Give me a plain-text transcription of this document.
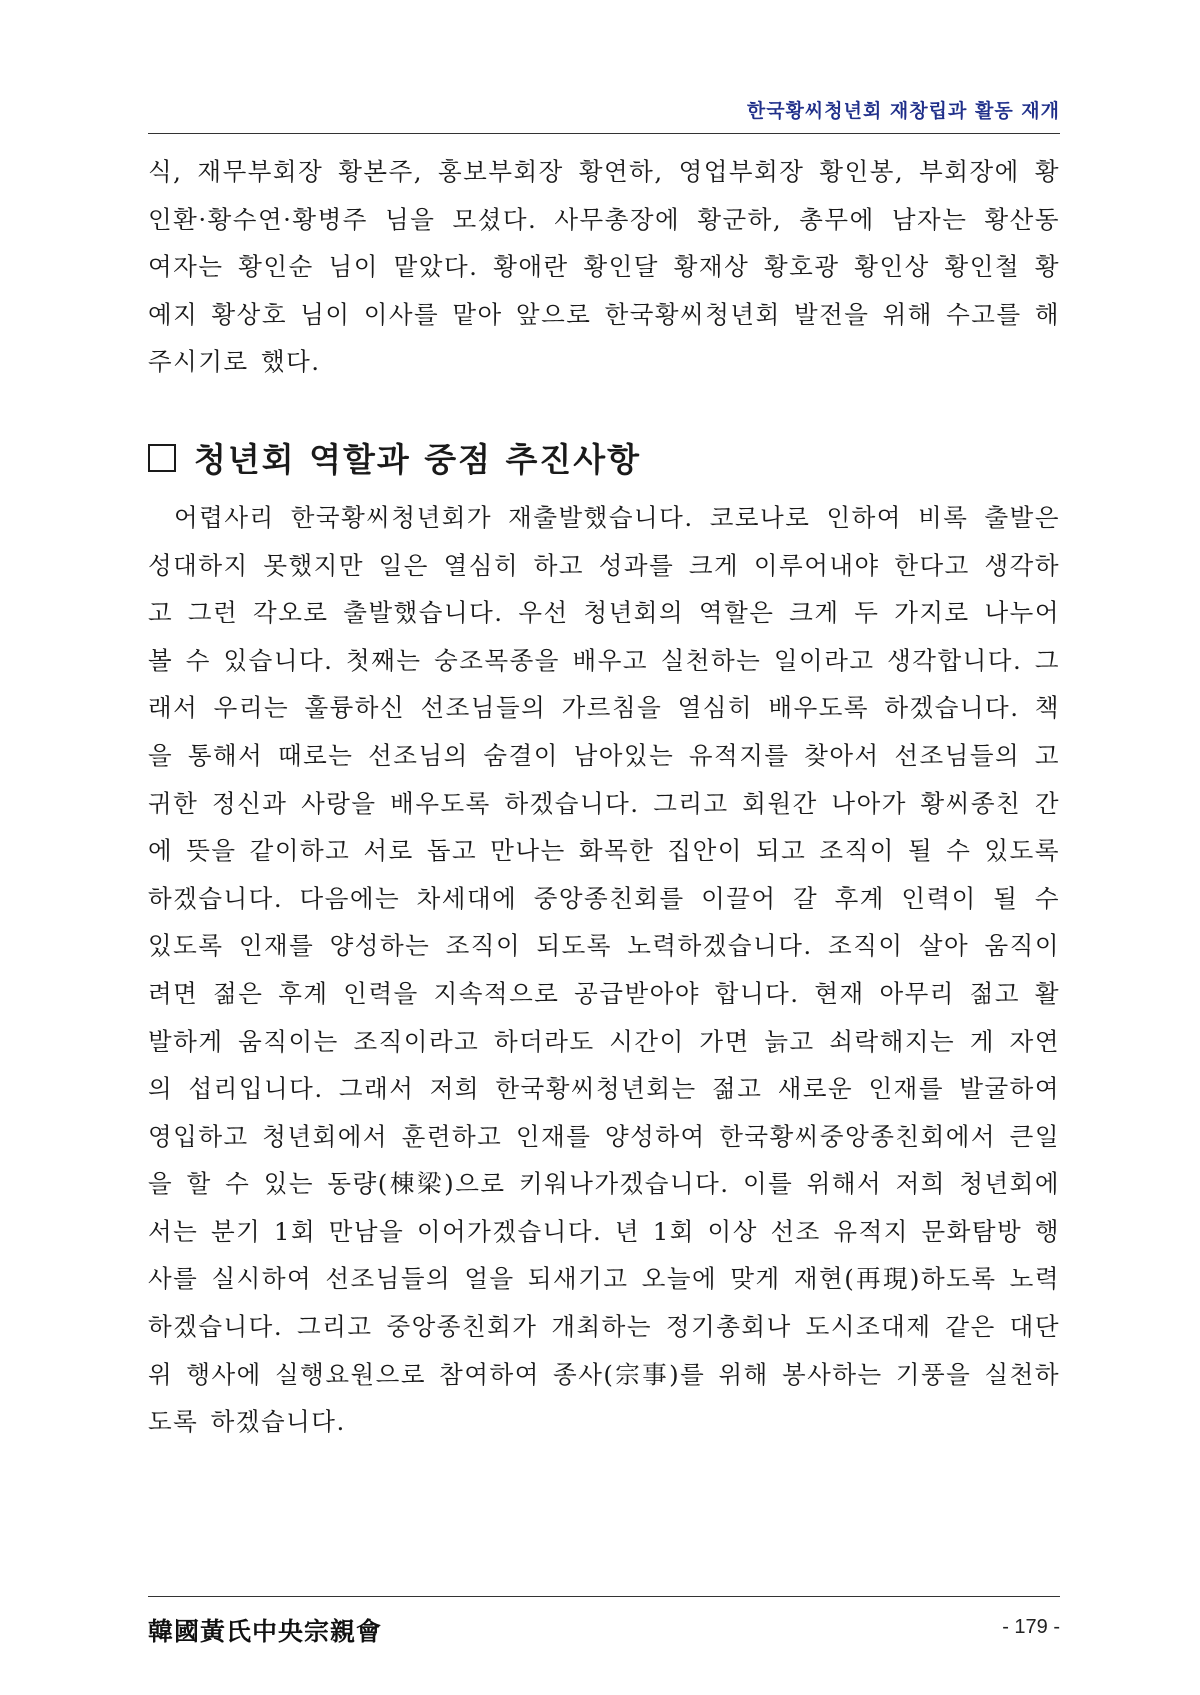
한국황씨청년회 재창립과 활동 재개

식, 재무부회장 황본주, 홍보부회장 황연하, 영업부회장 황인봉, 부회장에 황인환·황수연·황병주 님을 모셨다. 사무총장에 황군하, 총무에 남자는 황산동 여자는 황인순 님이 맡았다. 황애란 황인달 황재상 황호광 황인상 황인철 황예지 황상호 님이 이사를 맡아 앞으로 한국황씨청년회 발전을 위해 수고를 해주시기로 했다.

청년회 역할과 중점 추진사항

어렵사리 한국황씨청년회가 재출발했습니다. 코로나로 인하여 비록 출발은 성대하지 못했지만 일은 열심히 하고 성과를 크게 이루어내야 한다고 생각하고 그런 각오로 출발했습니다. 우선 청년회의 역할은 크게 두 가지로 나누어 볼 수 있습니다. 첫째는 숭조목종을 배우고 실천하는 일이라고 생각합니다. 그래서 우리는 훌륭하신 선조님들의 가르침을 열심히 배우도록 하겠습니다. 책을 통해서 때로는 선조님의 숨결이 남아있는 유적지를 찾아서 선조님들의 고귀한 정신과 사랑을 배우도록 하겠습니다. 그리고 회원간 나아가 황씨종친 간에 뜻을 같이하고 서로 돕고 만나는 화목한 집안이 되고 조직이 될 수 있도록 하겠습니다. 다음에는 차세대에 중앙종친회를 이끌어 갈 후계 인력이 될 수 있도록 인재를 양성하는 조직이 되도록 노력하겠습니다. 조직이 살아 움직이려면 젊은 후계 인력을 지속적으로 공급받아야 합니다. 현재 아무리 젊고 활발하게 움직이는 조직이라고 하더라도 시간이 가면 늙고 쇠락해지는 게 자연의 섭리입니다. 그래서 저희 한국황씨청년회는 젊고 새로운 인재를 발굴하여 영입하고 청년회에서 훈련하고 인재를 양성하여 한국황씨중앙종친회에서 큰일을 할 수 있는 동량(棟梁)으로 키워나가겠습니다. 이를 위해서 저희 청년회에서는 분기 1회 만남을 이어가겠습니다. 년 1회 이상 선조 유적지 문화탐방 행사를 실시하여 선조님들의 얼을 되새기고 오늘에 맞게 재현(再現)하도록 노력하겠습니다. 그리고 중앙종친회가 개최하는 정기총회나 도시조대제 같은 대단위 행사에 실행요원으로 참여하여 종사(宗事)를 위해 봉사하는 기풍을 실천하도록 하겠습니다.

韓國黃氏中央宗親會	- 179 -
